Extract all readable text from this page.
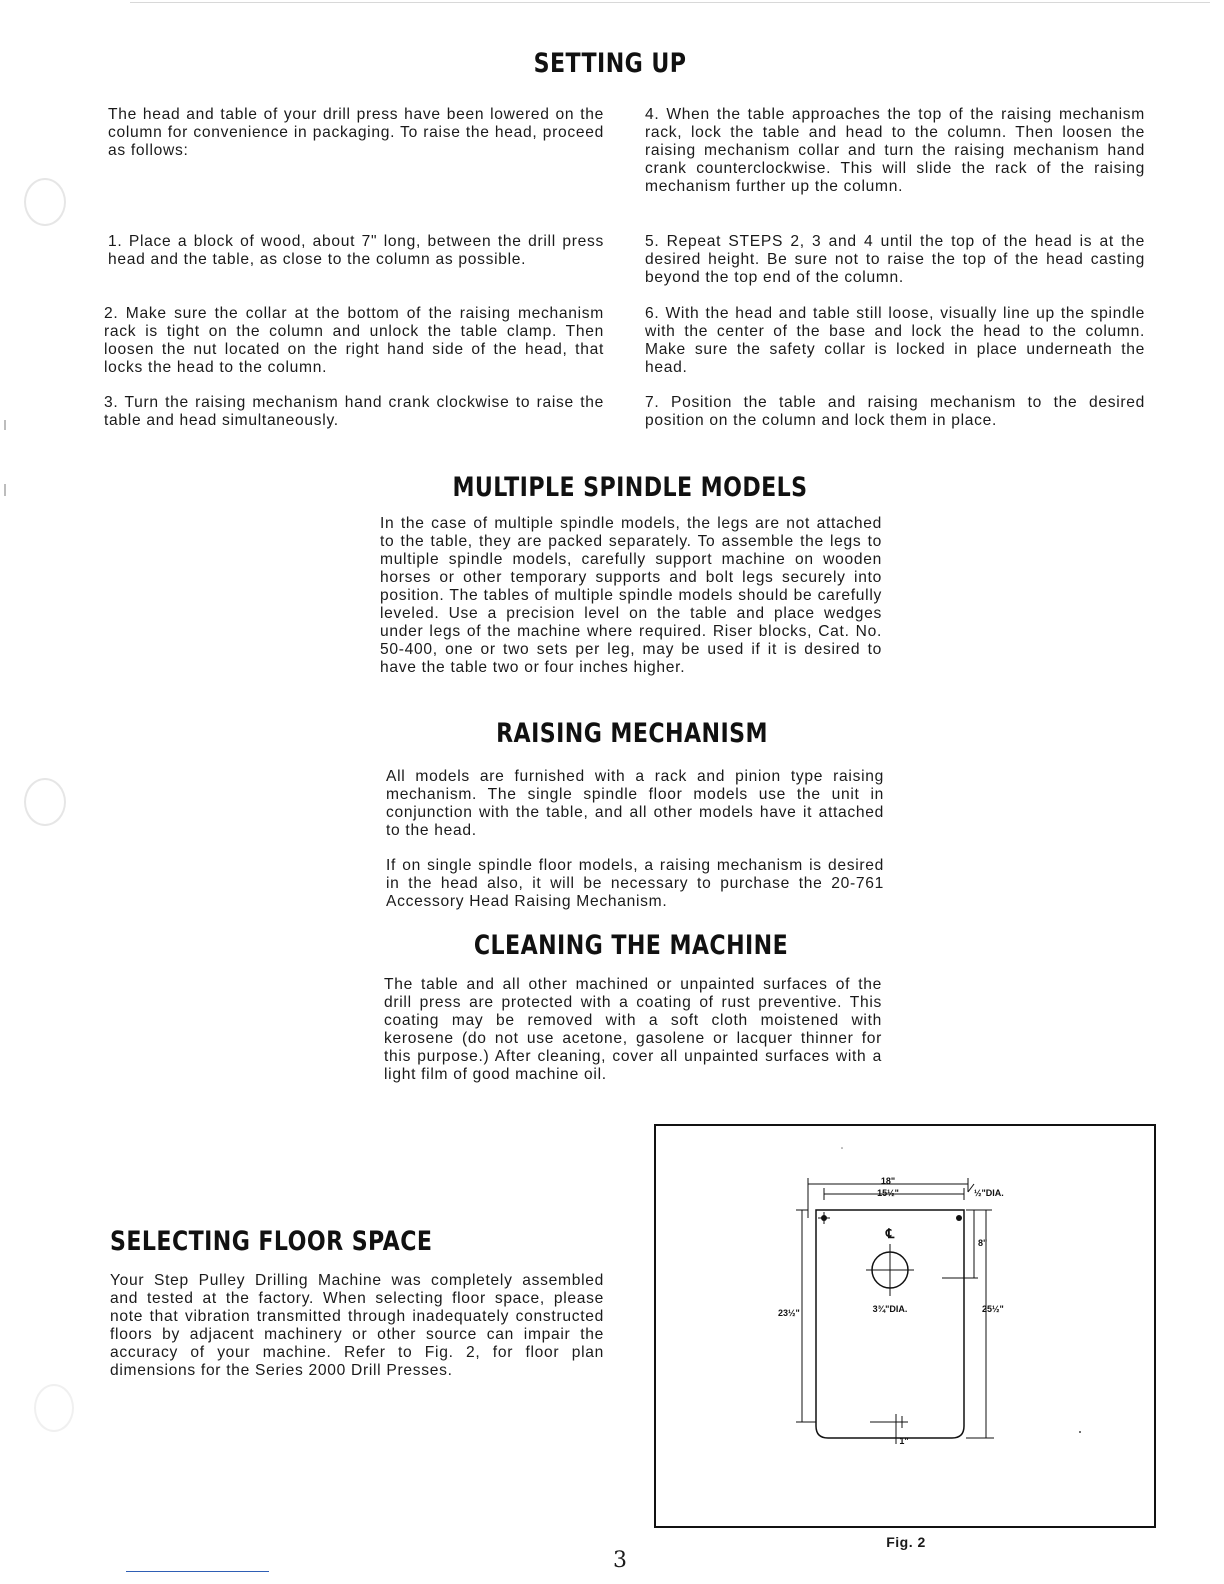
SETTING UP

The head and table of your drill press have been lowered on the column for convenience in packaging. To raise the head, proceed as follows:

1. Place a block of wood, about 7" long, between the drill press head and the table, as close to the column as possible.

2. Make sure the collar at the bottom of the raising mechanism rack is tight on the column and unlock the table clamp. Then loosen the nut located on the right hand side of the head, that locks the head to the column.

3. Turn the raising mechanism hand crank clockwise to raise the table and head simultaneously.

4. When the table approaches the top of the raising mechanism rack, lock the table and head to the column. Then loosen the raising mechanism collar and turn the raising mechanism hand crank counterclockwise. This will slide the rack of the raising mechanism further up the column.

5. Repeat STEPS 2, 3 and 4 until the top of the head is at the desired height. Be sure not to raise the top of the head casting beyond the top end of the column.

6. With the head and table still loose, visually line up the spindle with the center of the base and lock the head to the column. Make sure the safety collar is locked in place underneath the head.

7. Position the table and raising mechanism to the desired position on the column and lock them in place.

MULTIPLE SPINDLE MODELS

In the case of multiple spindle models, the legs are not attached to the table, they are packed separately. To assemble the legs to multiple spindle models, carefully support machine on wooden horses or other temporary supports and bolt legs securely into position. The tables of multiple spindle models should be carefully leveled. Use a precision level on the table and place wedges under legs of the machine where required. Riser blocks, Cat. No. 50-400, one or two sets per leg, may be used if it is desired to have the table two or four inches higher.

RAISING MECHANISM

All models are furnished with a rack and pinion type raising mechanism. The single spindle floor models use the unit in conjunction with the table, and all other models have it attached to the head.

If on single spindle floor models, a raising mechanism is desired in the head also, it will be necessary to purchase the 20-761 Accessory Head Raising Mechanism.

CLEANING THE MACHINE

The table and all other machined or unpainted surfaces of the drill press are protected with a coating of rust preventive. This coating may be removed with a soft cloth moistened with kerosene (do not use acetone, gasolene or lacquer thinner for this purpose.) After cleaning, cover all unpainted surfaces with a light film of good machine oil.

SELECTING FLOOR SPACE

Your Step Pulley Drilling Machine was completely assembled and tested at the factory. When selecting floor space, please note that vibration transmitted through inadequately constructed floors by adjacent machinery or other source can impair the accuracy of your machine. Refer to Fig. 2, for floor plan dimensions for the Series 2000 Drill Presses.

18"
15½"	½"DIA.
℄
8"
23½"	3¾"DIA.	25½"
1"
Fig. 2
3
